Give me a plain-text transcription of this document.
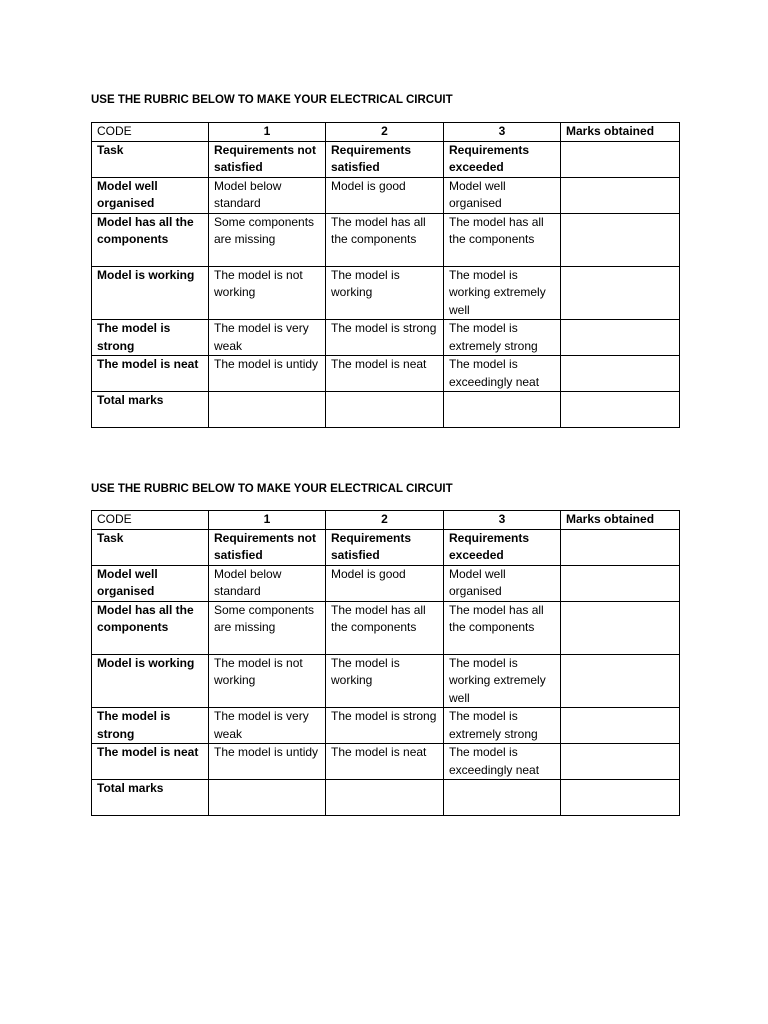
USE THE RUBRIC BELOW TO MAKE YOUR ELECTRICAL CIRCUIT
CODE	1	2	3	Marks obtained
Task	Requirements not satisfied	Requirements satisfied	Requirements exceeded	
Model well organised	Model below standard	Model is good	Model well organised	
Model has all the components	Some components are missing	The model has all the components	The model has all the components	
Model is working	The model is not working	The model is working	The model is working extremely well	
The model is strong	The model is very weak	The model is strong	The model is extremely strong	
The model is neat	The model is untidy	The model is neat	The model is exceedingly neat	
Total marks				
USE THE RUBRIC BELOW TO MAKE YOUR ELECTRICAL CIRCUIT
CODE	1	2	3	Marks obtained
Task	Requirements not satisfied	Requirements satisfied	Requirements exceeded	
Model well organised	Model below standard	Model is good	Model well organised	
Model has all the components	Some components are missing	The model has all the components	The model has all the components	
Model is working	The model is not working	The model is working	The model is working extremely well	
The model is strong	The model is very weak	The model is strong	The model is extremely strong	
The model is neat	The model is untidy	The model is neat	The model is exceedingly neat	
Total marks				
